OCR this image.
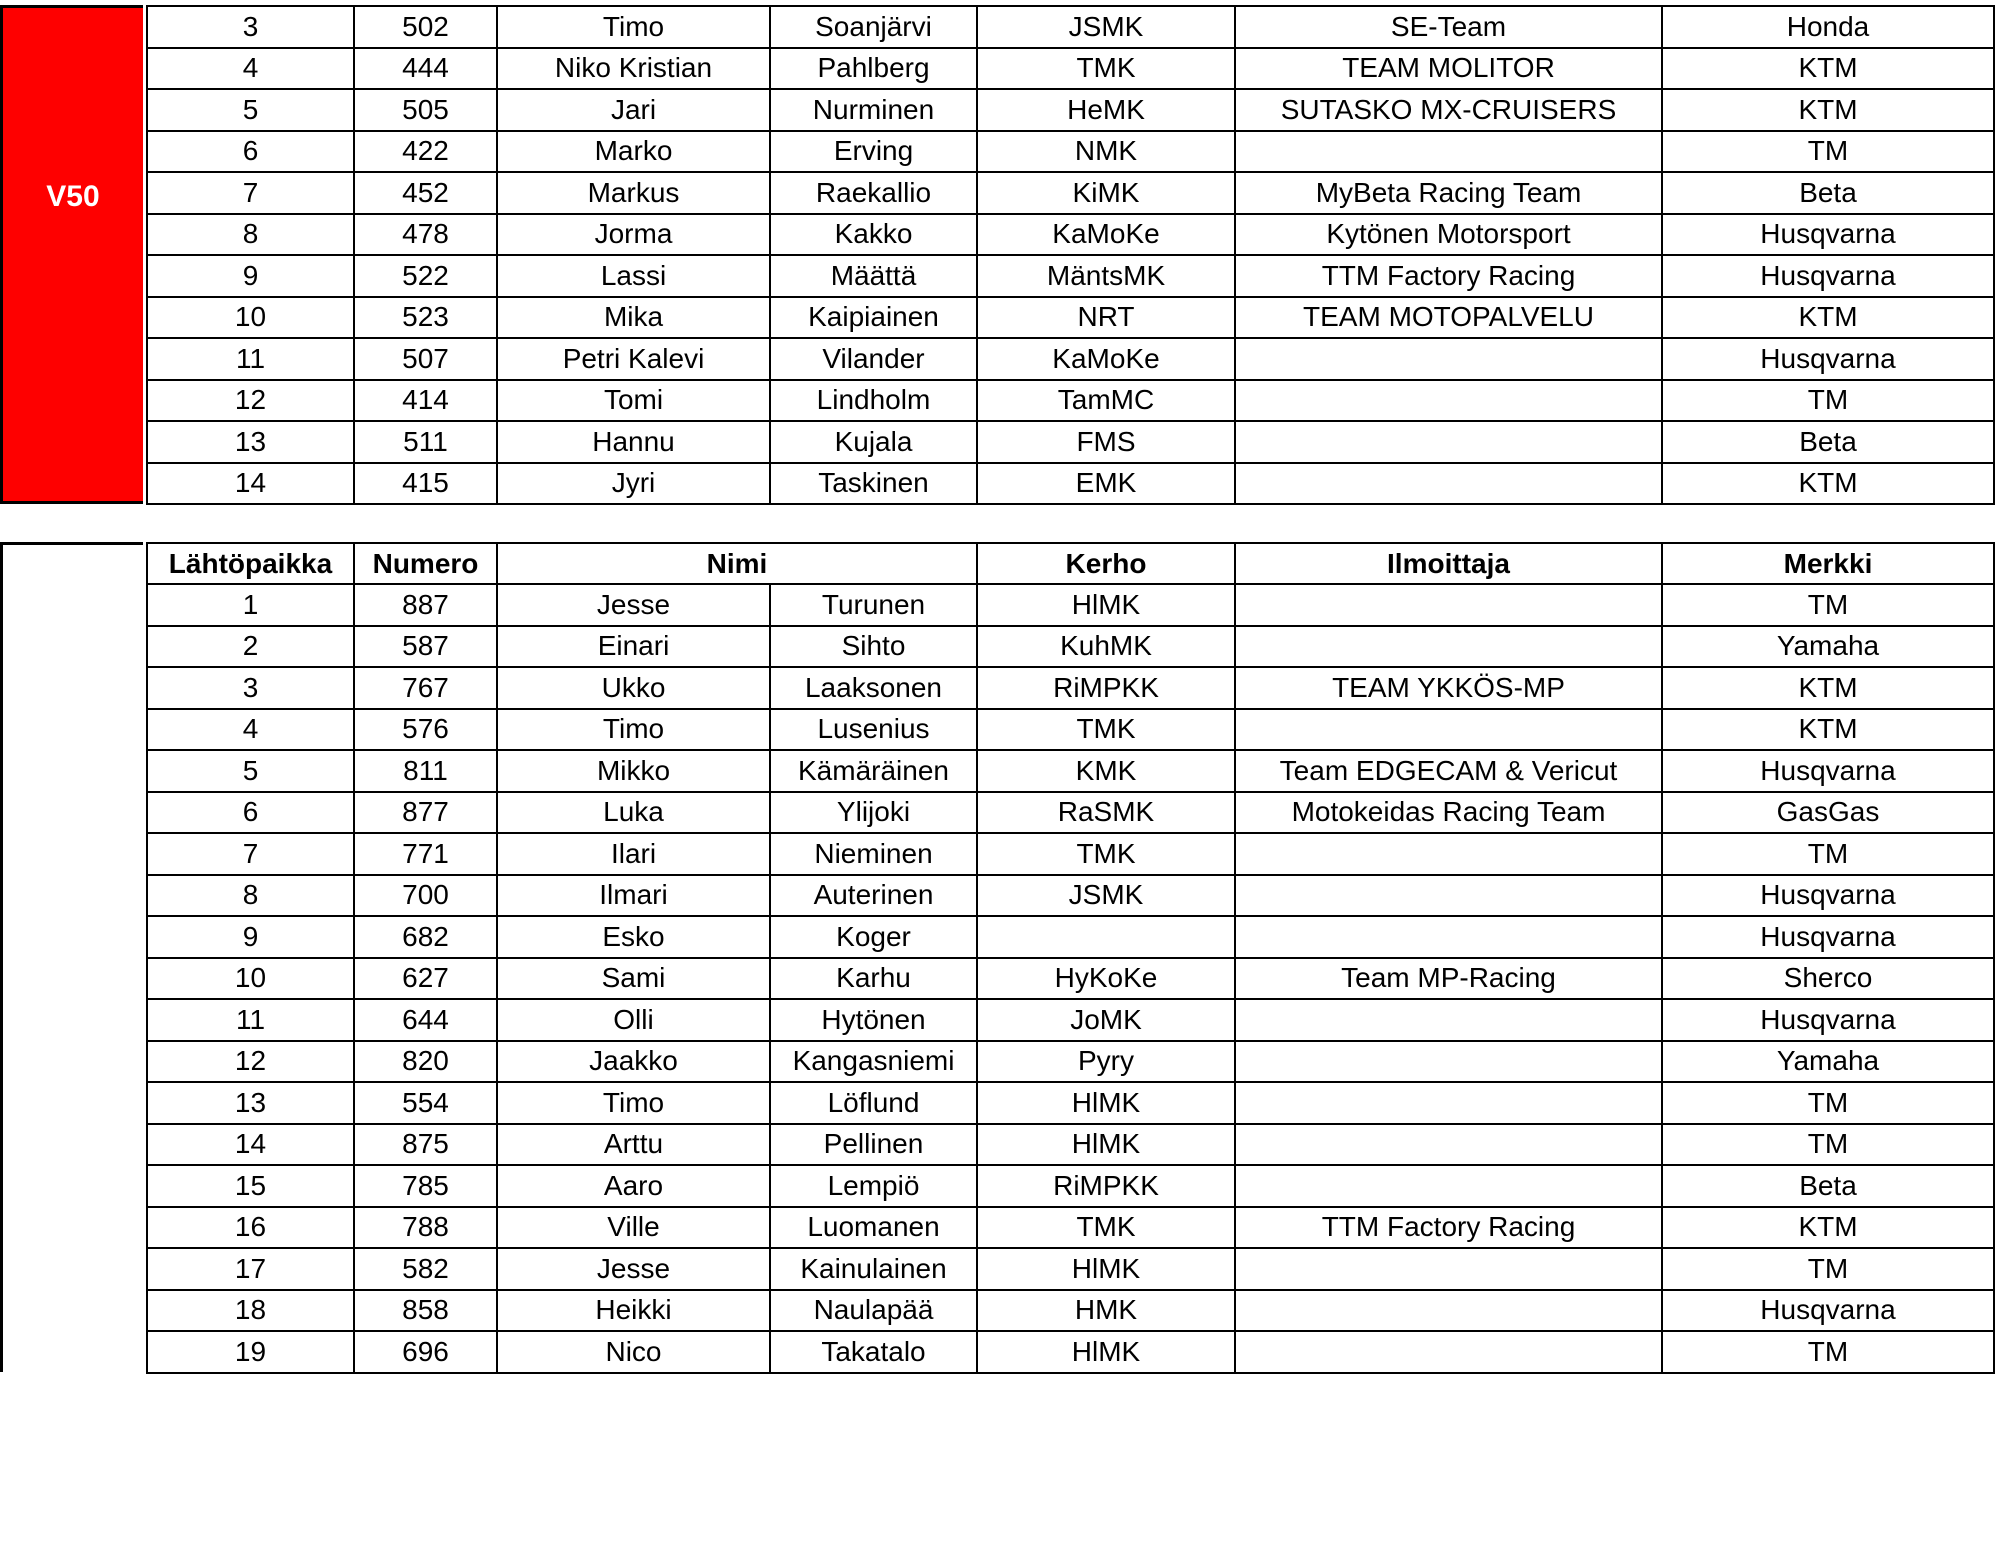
V50
3	502	Timo	Soanjärvi	JSMK	SE-Team	Honda
4	444	Niko Kristian	Pahlberg	TMK	TEAM MOLITOR	KTM
5	505	Jari	Nurminen	HeMK	SUTASKO MX-CRUISERS	KTM
6	422	Marko	Erving	NMK		TM
7	452	Markus	Raekallio	KiMK	MyBeta Racing Team	Beta
8	478	Jorma	Kakko	KaMoKe	Kytönen Motorsport	Husqvarna
9	522	Lassi	Määttä	MäntsMK	TTM Factory Racing	Husqvarna
10	523	Mika	Kaipiainen	NRT	TEAM MOTOPALVELU	KTM
11	507	Petri Kalevi	Vilander	KaMoKe		Husqvarna
12	414	Tomi	Lindholm	TamMC		TM
13	511	Hannu	Kujala	FMS		Beta
14	415	Jyri	Taskinen	EMK		KTM
Lähtöpaikka	Numero	Nimi		Kerho	Ilmoittaja	Merkki
1	887	Jesse	Turunen	HlMK		TM
2	587	Einari	Sihto	KuhMK		Yamaha
3	767	Ukko	Laaksonen	RiMPKK	TEAM YKKÖS-MP	KTM
4	576	Timo	Lusenius	TMK		KTM
5	811	Mikko	Kämäräinen	KMK	Team EDGECAM & Vericut	Husqvarna
6	877	Luka	Ylijoki	RaSMK	Motokeidas Racing Team	GasGas
7	771	Ilari	Nieminen	TMK		TM
8	700	Ilmari	Auterinen	JSMK		Husqvarna
9	682	Esko	Koger			Husqvarna
10	627	Sami	Karhu	HyKoKe	Team MP-Racing	Sherco
11	644	Olli	Hytönen	JoMK		Husqvarna
12	820	Jaakko	Kangasniemi	Pyry		Yamaha
13	554	Timo	Löflund	HlMK		TM
14	875	Arttu	Pellinen	HlMK		TM
15	785	Aaro	Lempiö	RiMPKK		Beta
16	788	Ville	Luomanen	TMK	TTM Factory Racing	KTM
17	582	Jesse	Kainulainen	HlMK		TM
18	858	Heikki	Naulapää	HMK		Husqvarna
19	696	Nico	Takatalo	HlMK		TM
